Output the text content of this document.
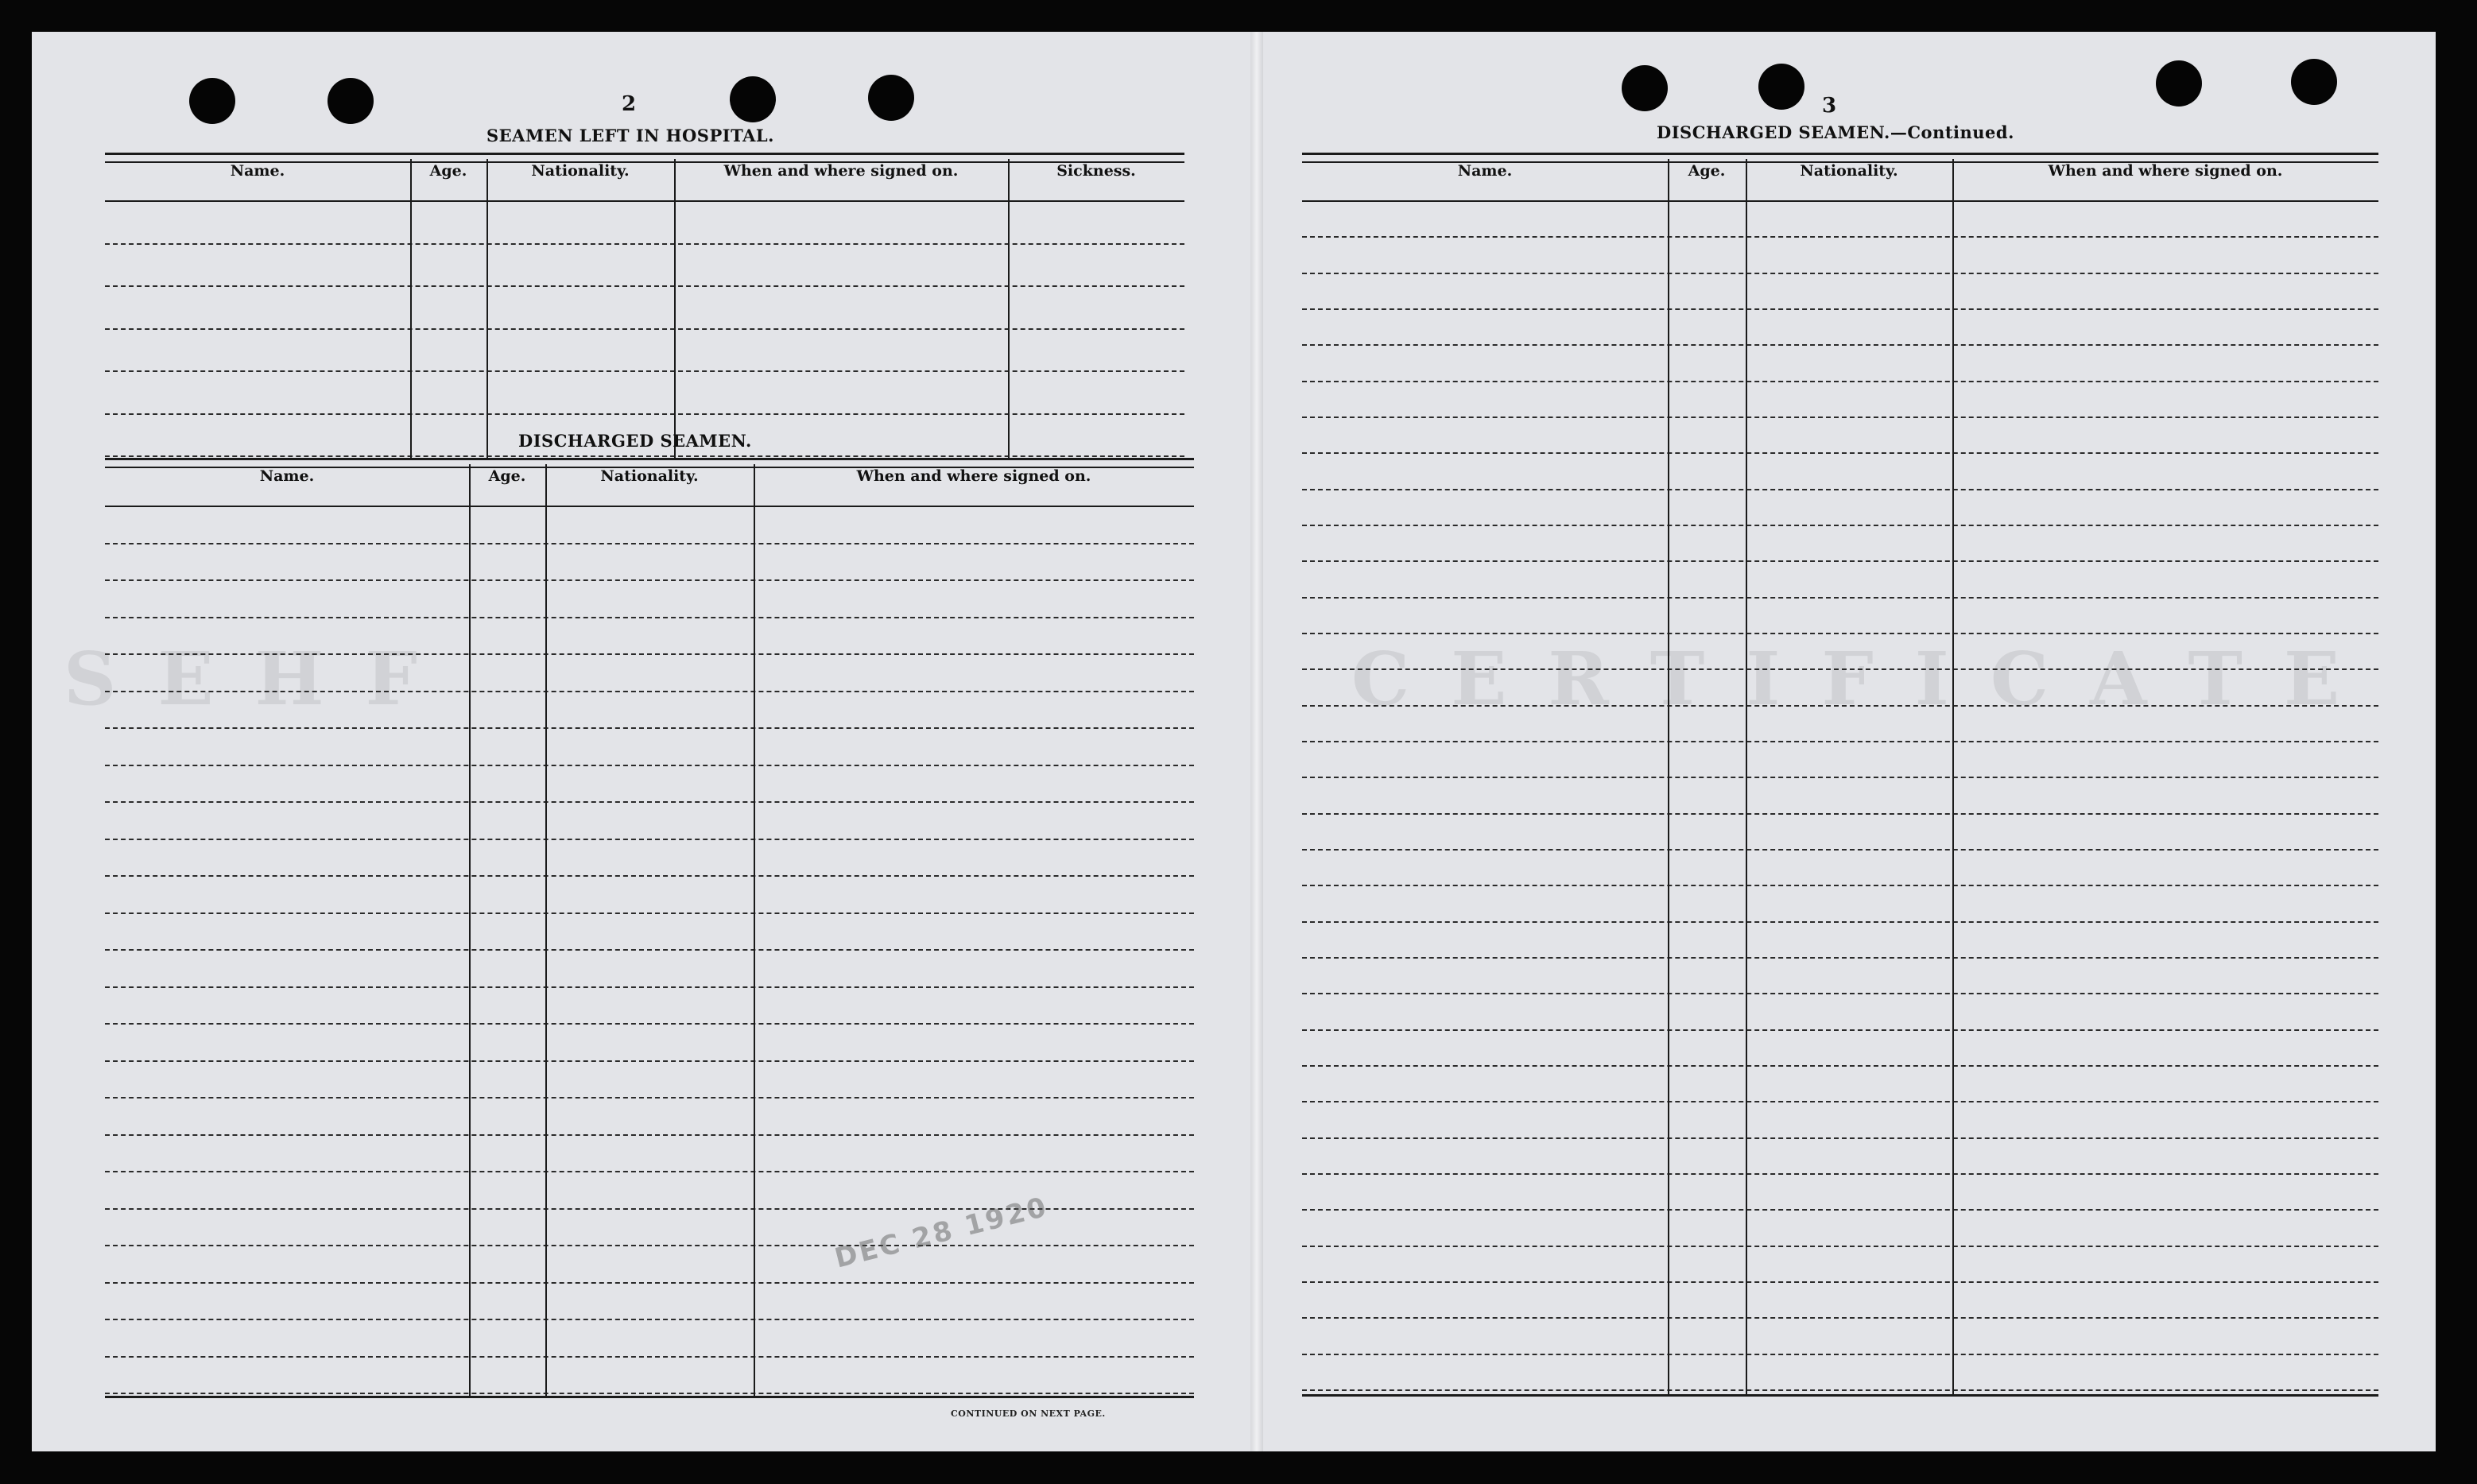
S E H F	C E R T I F I C A T E
2
SEAMEN LEFT IN HOSPITAL.
Name.	Age.	Nationality.	When and where signed on.	Sickness.
DISCHARGED SEAMEN.
Name.	Age.	Nationality.	When and where signed on.
CONTINUED ON NEXT PAGE.
DEC 28 1920
3
DISCHARGED SEAMEN.—Continued.
Name.	Age.	Nationality.	When and where signed on.
